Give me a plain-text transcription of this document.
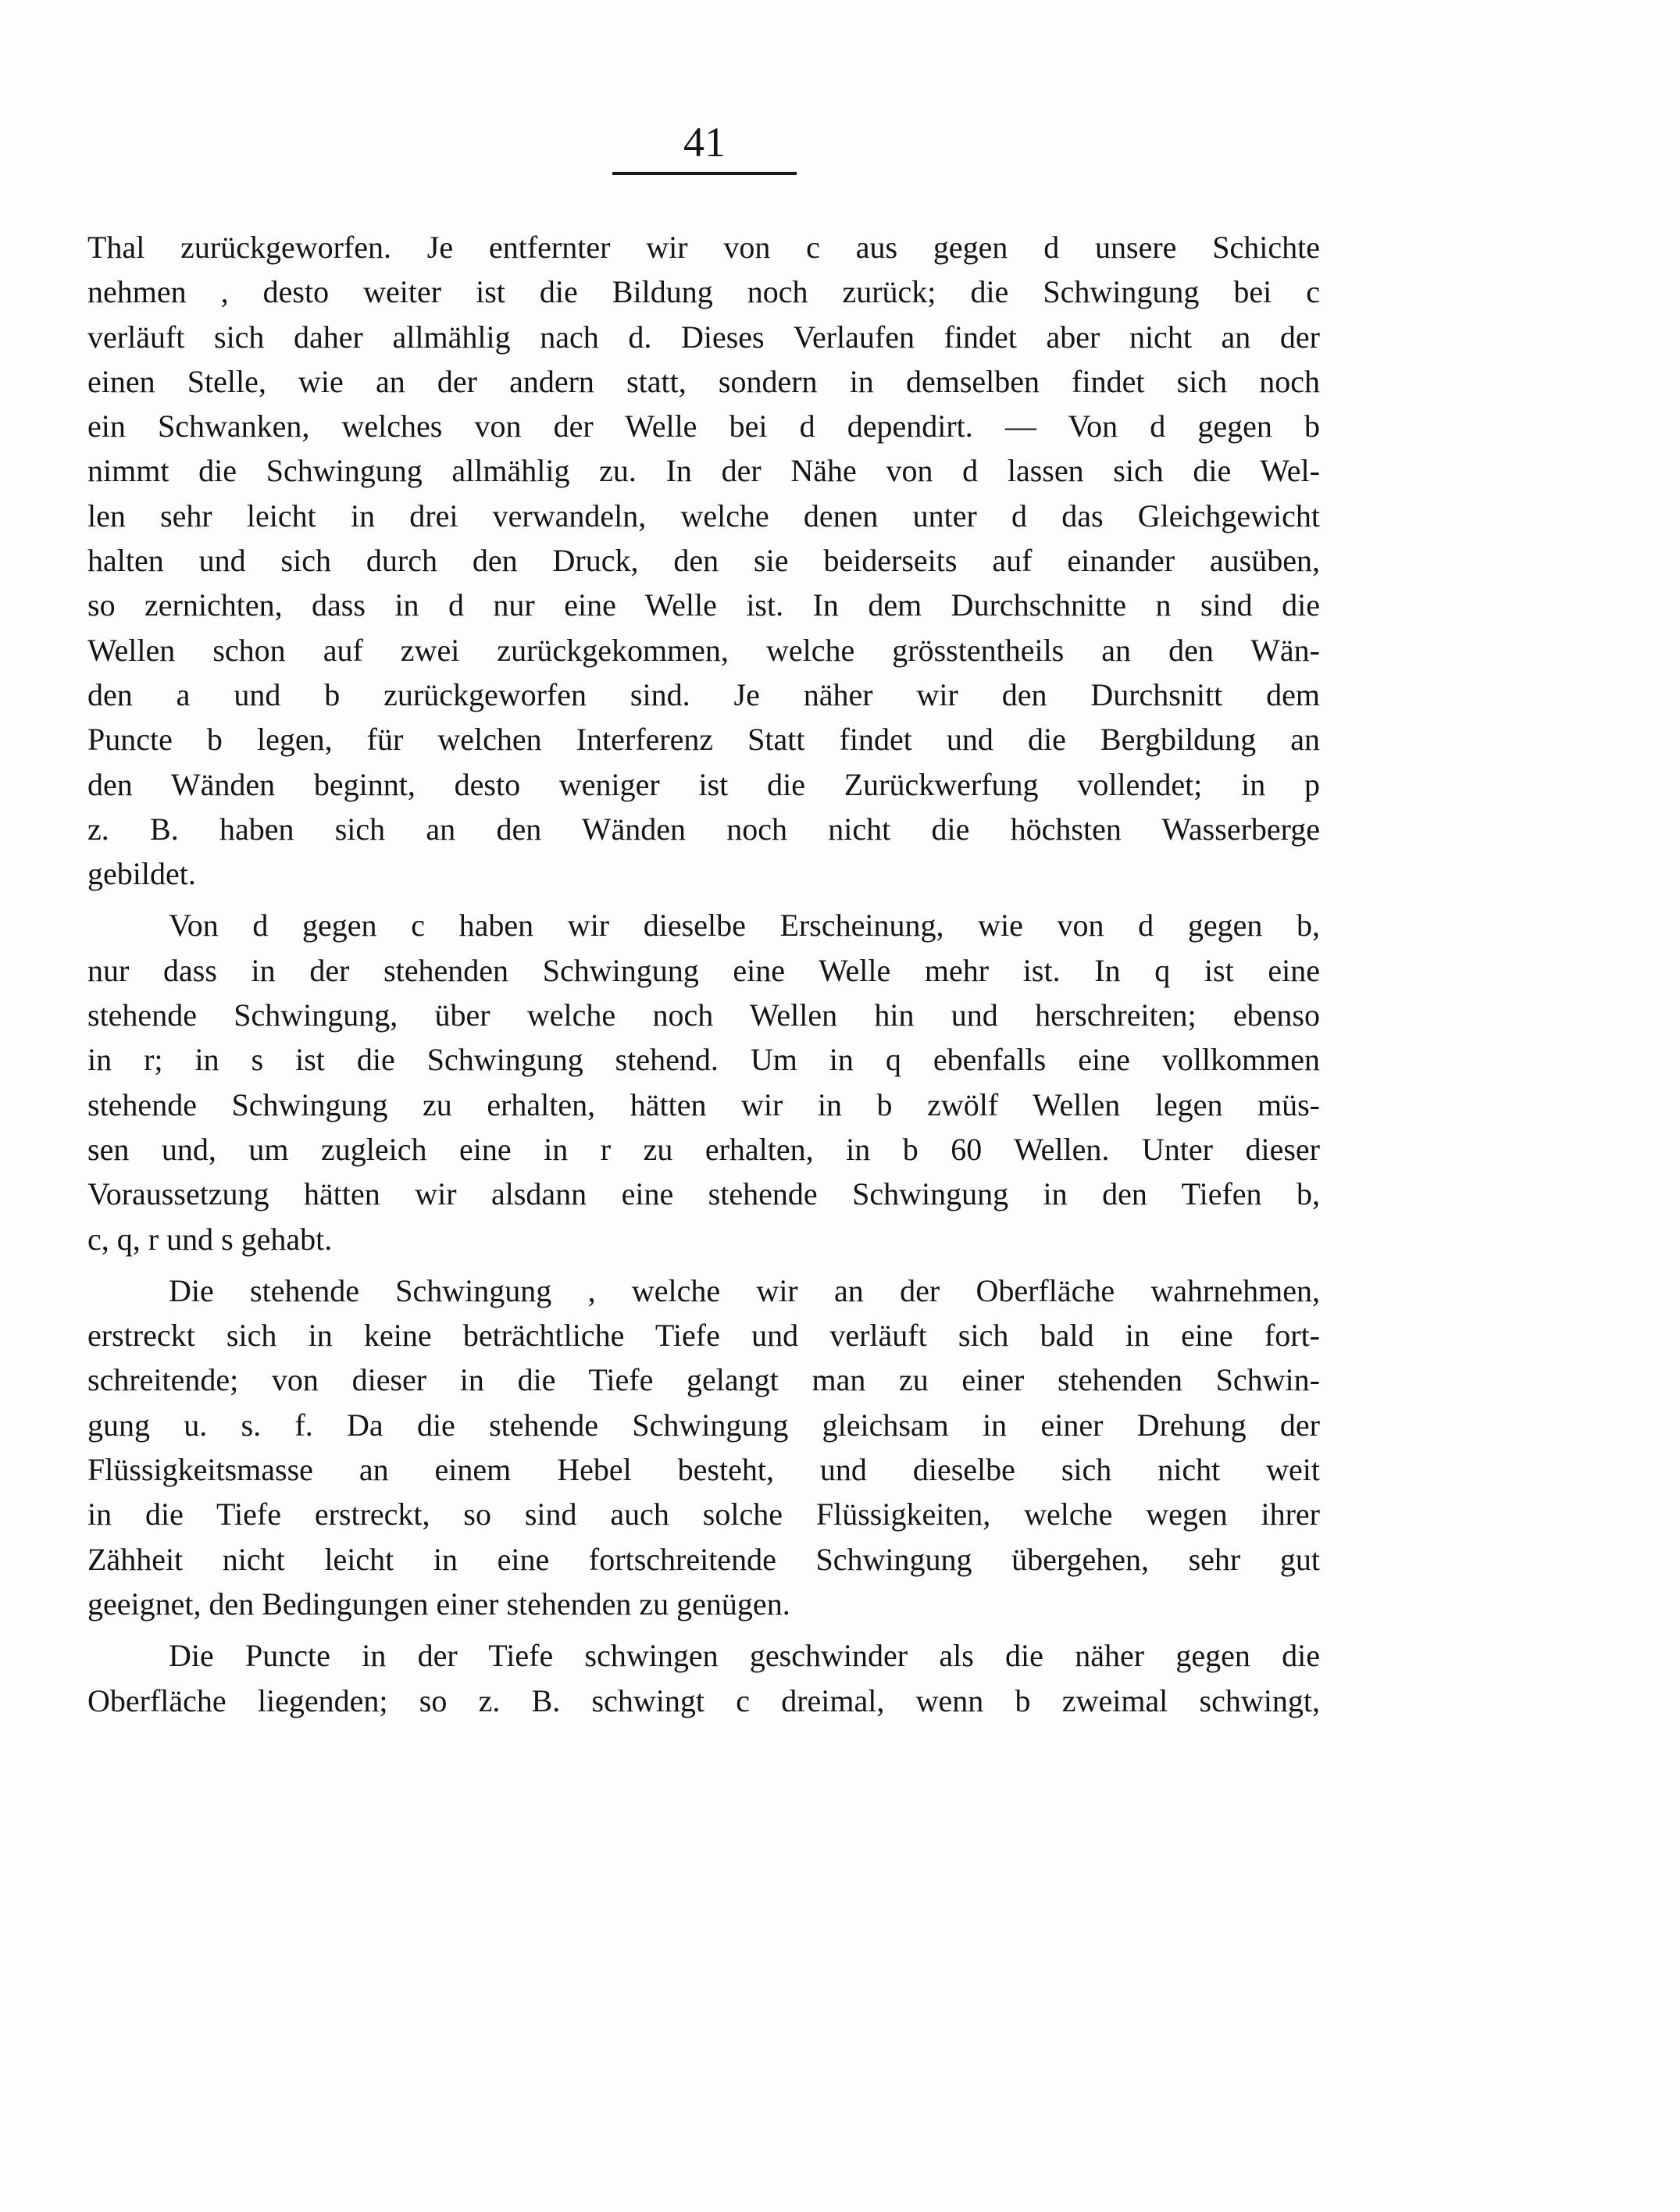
41
Thal zurückgeworfen. Je entfernter wir von c aus gegen d unsere Schichte
nehmen , desto weiter ist die Bildung noch zurück; die Schwingung bei c
verläuft sich daher allmählig nach d. Dieses Verlaufen findet aber nicht an der
einen Stelle, wie an der andern statt, sondern in demselben findet sich noch
ein Schwanken, welches von der Welle bei d dependirt. — Von d gegen b
nimmt die Schwingung allmählig zu. In der Nähe von d lassen sich die Wel-
len sehr leicht in drei verwandeln, welche denen unter d das Gleichgewicht
halten und sich durch den Druck, den sie beiderseits auf einander ausüben,
so zernichten, dass in d nur eine Welle ist. In dem Durchschnitte n sind die
Wellen schon auf zwei zurückgekommen, welche grösstentheils an den Wän-
den a und b zurückgeworfen sind. Je näher wir den Durchsnitt dem
Puncte b legen, für welchen Interferenz Statt findet und die Bergbildung an
den Wänden beginnt, desto weniger ist die Zurückwerfung vollendet; in p
z. B. haben sich an den Wänden noch nicht die höchsten Wasserberge
gebildet.
Von d gegen c haben wir dieselbe Erscheinung, wie von d gegen b,
nur dass in der stehenden Schwingung eine Welle mehr ist. In q ist eine
stehende Schwingung, über welche noch Wellen hin und herschreiten; ebenso
in r; in s ist die Schwingung stehend. Um in q ebenfalls eine vollkommen
stehende Schwingung zu erhalten, hätten wir in b zwölf Wellen legen müs-
sen und, um zugleich eine in r zu erhalten, in b 60 Wellen. Unter dieser
Voraussetzung hätten wir alsdann eine stehende Schwingung in den Tiefen b,
c, q, r und s gehabt.
Die stehende Schwingung , welche wir an der Oberfläche wahrnehmen,
erstreckt sich in keine beträchtliche Tiefe und verläuft sich bald in eine fort-
schreitende; von dieser in die Tiefe gelangt man zu einer stehenden Schwin-
gung u. s. f. Da die stehende Schwingung gleichsam in einer Drehung der
Flüssigkeitsmasse an einem Hebel besteht, und dieselbe sich nicht weit
in die Tiefe erstreckt, so sind auch solche Flüssigkeiten, welche wegen ihrer
Zähheit nicht leicht in eine fortschreitende Schwingung übergehen, sehr gut
geeignet, den Bedingungen einer stehenden zu genügen.
Die Puncte in der Tiefe schwingen geschwinder als die näher gegen die
Oberfläche liegenden; so z. B. schwingt c dreimal, wenn b zweimal schwingt,
